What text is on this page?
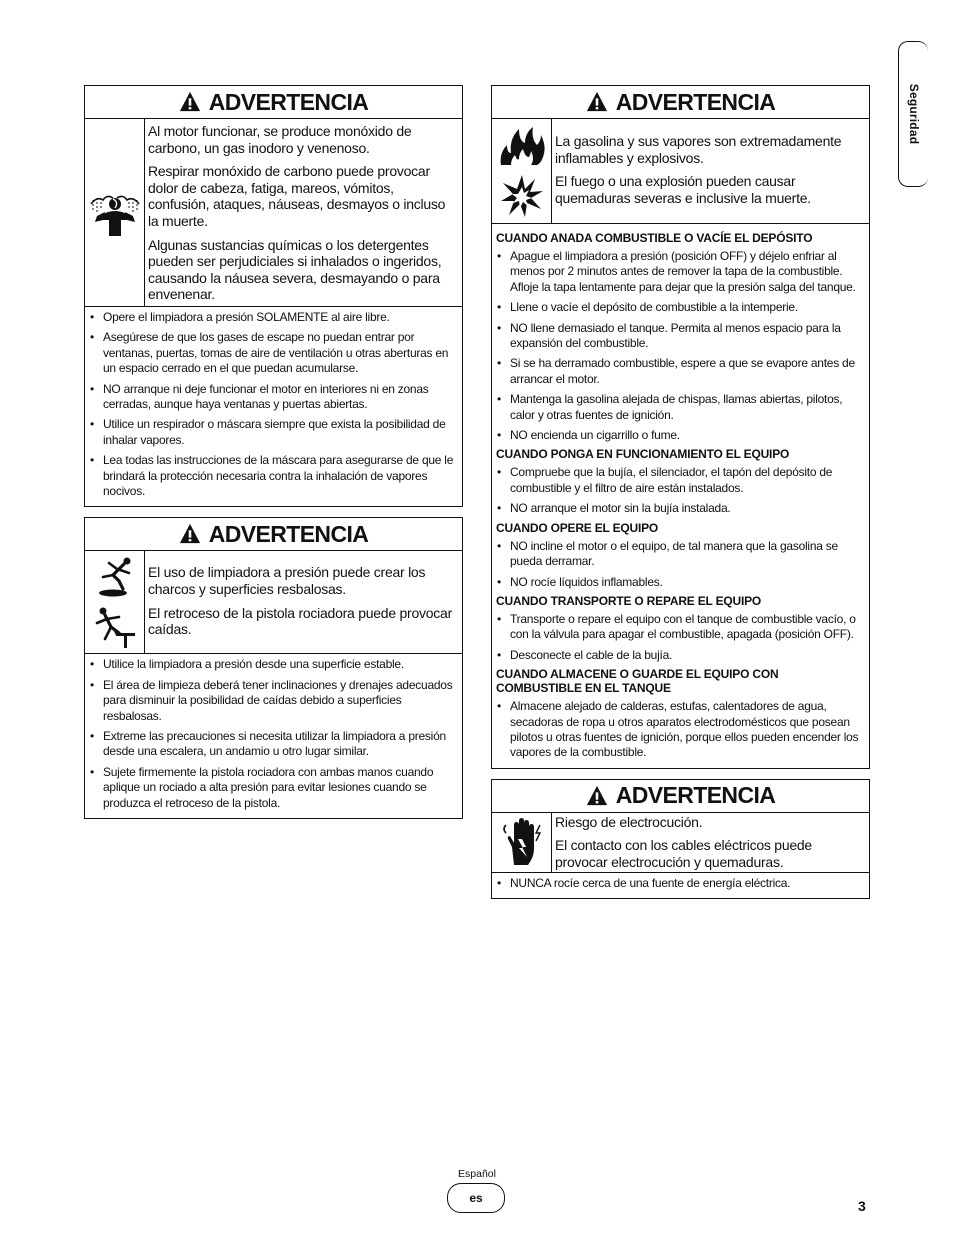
Seguridad
ADVERTENCIA

Al motor funcionar, se produce monóxido de carbono, un gas inodoro y venenoso.

Respirar monóxido de carbono puede provocar dolor de cabeza, fatiga, mareos, vómitos, confusión, ataques, náuseas, desmayos o incluso la muerte.

Algunas sustancias químicas o los detergentes pueden ser perjudiciales si inhalados o ingeridos, causando la náusea severa, desmayando o para envenenar.

• Opere el limpiadora a presión SOLAMENTE al aire libre.
• Asegúrese de que los gases de escape no puedan entrar por ventanas, puertas, tomas de aire de ventilación u otras aberturas en un espacio cerrado en el que puedan acumularse.
• NO arranque ni deje funcionar el motor en interiores ni en zonas cerradas, aunque haya ventanas y puertas abiertas.
• Utilice un respirador o máscara siempre que exista la posibilidad de inhalar vapores.
• Lea todas las instrucciones de la máscara para asegurarse de que le brindará la protección necesaria contra la inhalación de vapores nocivos.
ADVERTENCIA

El uso de limpiadora a presión puede crear los charcos y superficies resbalosas.

El retroceso de la pistola rociadora puede provocar caídas.

• Utilice la limpiadora a presión desde una superficie estable.
• El área de limpieza deberá tener inclinaciones y drenajes adecuados para disminuir la posibilidad de caídas debido a superficies resbalosas.
• Extreme las precauciones si necesita utilizar la limpiadora a presión desde una escalera, un andamio u otro lugar similar.
• Sujete firmemente la pistola rociadora con ambas manos cuando aplique un rociado a alta presión para evitar lesiones cuando se produzca el retroceso de la pistola.
ADVERTENCIA

La gasolina y sus vapores son extremadamente inflamables y explosivos.

El fuego o una explosión pueden causar quemaduras severas e inclusive la muerte.

CUANDO ANADA COMBUSTIBLE O VACÍE EL DEPÓSITO
• Apague el limpiadora a presión (posición OFF) y déjelo enfriar al menos por 2 minutos antes de remover la tapa de la combustible. Afloje la tapa lentamente para dejar que la presión salga del tanque.
• Llene o vacíe el depósito de combustible a la intemperie.
• NO llene demasiado el tanque. Permita al menos espacio para la expansión del combustible.
• Si se ha derramado combustible, espere a que se evapore antes de arrancar el motor.
• Mantenga la gasolina alejada de chispas, llamas abiertas, pilotos, calor y otras fuentes de ignición.
• NO encienda un cigarrillo o fume.
CUANDO PONGA EN FUNCIONAMIENTO EL EQUIPO
• Compruebe que la bujía, el silenciador, el tapón del depósito de combustible y el filtro de aire están instalados.
• NO arranque el motor sin la bujía instalada.
CUANDO OPERE EL EQUIPO
• NO incline el motor o el equipo, de tal manera que la gasolina se pueda derramar.
• NO rocíe líquidos inflamables.
CUANDO TRANSPORTE O REPARE EL EQUIPO
• Transporte o repare el equipo con el tanque de combustible vacío, o con la válvula para apagar el combustible, apagada (posición OFF).
• Desconecte el cable de la bujía.
CUANDO ALMACENE O GUARDE EL EQUIPO CON COMBUSTIBLE EN EL TANQUE
• Almacene alejado de calderas, estufas, calentadores de agua, secadoras de ropa u otros aparatos electrodomésticos que posean pilotos u otras fuentes de ignición, porque ellos pueden encender los vapores de la combustible.
ADVERTENCIA

Riesgo de electrocución.

El contacto con los cables eléctricos puede provocar electrocución y quemaduras.

• NUNCA rocíe cerca de una fuente de energía eléctrica.
Español
es	3
